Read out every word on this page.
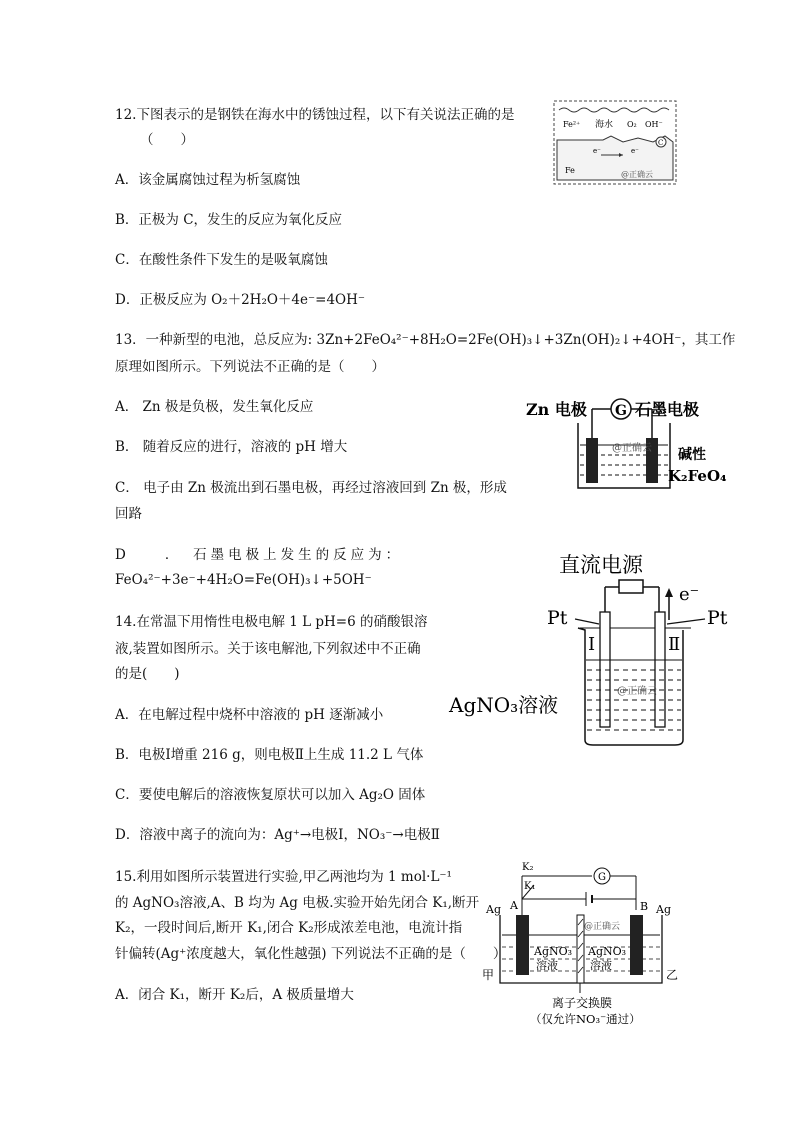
12.下图表示的是钢铁在海水中的锈蚀过程，以下有关说法正确的是
（　　）
A．该金属腐蚀过程为析氢腐蚀
B．正极为 C，发生的反应为氧化反应
C．在酸性条件下发生的是吸氧腐蚀
D．正极反应为 O₂＋2H₂O＋4e⁻=4OH⁻
Fe²⁺ 海水 O₂ OH⁻
C
e⁻	e⁻
Fe	@正确云
13．一种新型的电池，总反应为: 3Zn+2FeO₄²⁻+8H₂O=2Fe(OH)₃↓+3Zn(OH)₂↓+4OH⁻，其工作
原理如图所示。下列说法不正确的是（　　）
A． Zn 极是负极，发生氧化反应
B． 随着反应的进行，溶液的 pH 增大
C． 电子由 Zn 极流出到石墨电极，再经过溶液回到 Zn 极，形成
回路
D　　．　石墨电极上发生的反应为：
FeO₄²⁻+3e⁻+4H₂O=Fe(OH)₃↓+5OH⁻
Zn 电极 G 石墨电极
@正确云 碱性
K₂FeO₄
14.在常温下用惰性电极电解 1 L pH=6 的硝酸银溶
液,装置如图所示。关于该电解池,下列叙述中不正确
的是(　　)
A．在电解过程中烧杯中溶液的 pH 逐渐减小
B．电极Ⅰ增重 216 g，则电极Ⅱ上生成 11.2 L 气体
C．要使电解后的溶液恢复原状可以加入 Ag₂O 固体
D．溶液中离子的流向为：Ag⁺→电极Ⅰ，NO₃⁻→电极Ⅱ
直流电源
e⁻
Pt	Pt
Ⅰ	Ⅱ
@正确云
AgNO₃溶液
15.利用如图所示装置进行实验,甲乙两池均为 1 mol·L⁻¹
的 AgNO₃溶液,A、B 均为 Ag 电极.实验开始先闭合 K₁,断开
K₂，一段时间后,断开 K₁,闭合 K₂形成浓差电池，电流计指
针偏转(Ag⁺浓度越大，氧化性越强) 下列说法不正确的是（　　）
A．闭合 K₁，断开 K₂后，A 极质量增大
K₂
G
K₁
Ag A	B Ag
AgNO₃
溶液
AgNO₃
溶液
@正确云
甲	乙
离子交换膜
（仅允许NO₃⁻通过）
